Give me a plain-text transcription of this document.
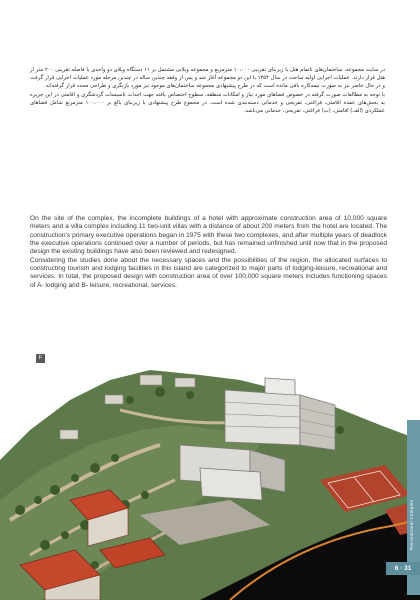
در سایت مجموعه، ساختمان‌های ناتمام هتل با زیربنای تقریبی ۱۰،۰۰۰ مترمربع و مجموعه ویلایی مشتمل بر ۱۱ دستگاه ویلای دو واحدی با فاصله تقریبی ۲۰۰ متر از هتل قرار دارند. عملیات اجرایی اولیه ساخت در سال ۱۳۵۴ با این دو مجموعه آغاز شد و پس از وقفه چندین ساله در چندین مرحله مورد عملیات اجرایی قرار گرفت و در حال حاضر نیز به صورت نیمه‌کاره باقی مانده است که در طرح پیشنهادی مجموعه ساختمان‌های موجود نیز مورد بازنگری و طراحی مجدد قرار گرفته‌اند.

با توجه به مطالعات صورت گرفته در خصوص فضاهای مورد نیاز و امکانات منطقه، سطوح اختصاص یافته جهت احداث تاسیسات گردشگری و اقامتی در این جزیره به بخش‌های عمده اقامتی، فراغتی، تفریحی و خدماتی دسته‌بندی شده است. در مجموع طرح پیشنهادی با زیربنای بالغ بر ۱۰۰،۰۰۰ مترمربع شامل فضاهای عملکردی (الف) اقامتی، (ب) فراغتی، تفریحی، خدماتی می‌باشد.

On the site of the complex, the incomplete buildings of a hotel with approximate construction area of 10,000 square meters and a villa complex including 11 two-unit villas with a distance of about 200 meters from the hotel are located. The construction's primary executive operations began in 1975 with these two complexes, and after multiple years of deadlock the executive operations continued over a number of periods, but has remained unfinished until now that in the proposed design the existing buildings have also been reviewed and redesigned.

Considering the studies done about the necessary spaces and the possibilities of the region, the allocated surfaces to constructing tourism and lodging facilities in this island are categorized to major parts of lodging-leisure, recreational and services. In total, the proposed design with construction area of over 100,000 square meters includes functioning spaces of A- lodging and B- leisure, recreational, services.

F
Recreational Complex
6 · 31
